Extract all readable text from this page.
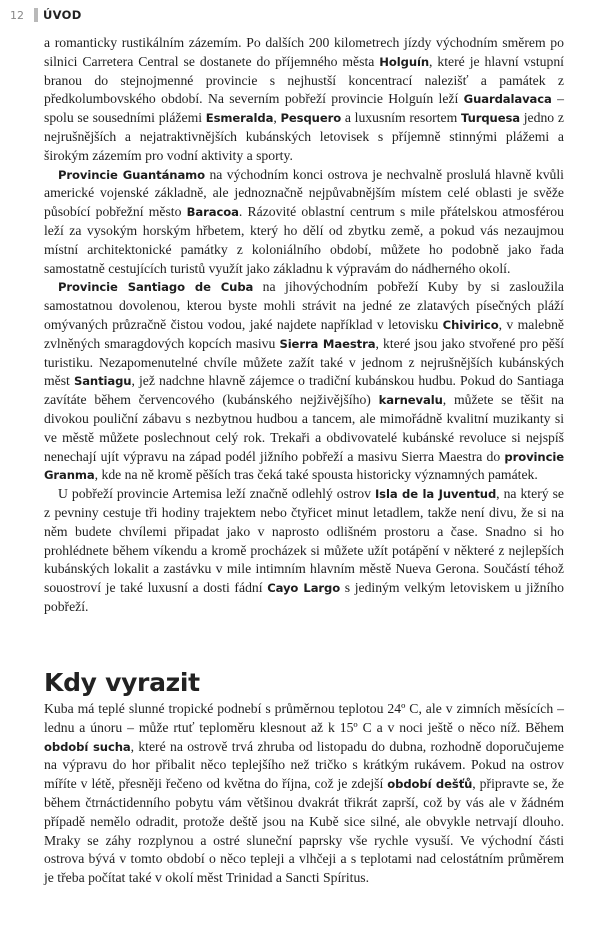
12	ÚVOD

a romanticky rustikálním zázemím. Po dalších 200 kilometrech jízdy východním směrem po silnici Carretera Central se dostanete do příjemného města Holguín, které je hlavní vstupní branou do stejnojmenné provincie s nejhustší koncentrací nalezišť a památek z předkolumbovského období. Na severním pobřeží provincie Holguín leží Guardalavaca – spolu se sousedními plážemi Esmeralda, Pesquero a luxusním resortem Turquesa jedno z nejrušnějších a nejatraktivnějších kubánských letovisek s příjemně stinnými plážemi a širokým zázemím pro vodní aktivity a sporty.

Provincie Guantánamo na východním konci ostrova je nechvalně proslulá hlavně kvůli americké vojenské základně, ale jednoznačně nejpůvabnějším místem celé oblasti je svěže působící pobřežní město Baracoa. Rázovité oblastní centrum s mile přátelskou atmosférou leží za vysokým horským hřbetem, který ho dělí od zbytku země, a pokud vás nezaujmou místní architektonické památky z koloniálního období, můžete ho podobně jako řada samostatně cestujících turistů využít jako základnu k výpravám do nádherného okolí.

Provincie Santiago de Cuba na jihovýchodním pobřeží Kuby by si zasloužila samostatnou dovolenou, kterou byste mohli strávit na jedné ze zlatavých písečných pláží omývaných průzračně čistou vodou, jaké najdete například v letovisku Chivirico, v malebně zvlněných smaragdových kopcích masivu Sierra Maestra, které jsou jako stvořené pro pěší turistiku. Nezapomenutelné chvíle můžete zažít také v jednom z nejrušnějších kubánských měst Santiagu, jež nadchne hlavně zájemce o tradiční kubánskou hudbu. Pokud do Santiaga zavítáte během červencového (kubánského nejživějšího) karnevalu, můžete se těšit na divokou pouliční zábavu s nezbytnou hudbou a tancem, ale mimořádně kvalitní muzikanty si ve městě můžete poslechnout celý rok. Trekaři a obdivovatelé kubánské revoluce si nejspíš nenechají ujít výpravu na západ podél jižního pobřeží a masivu Sierra Maestra do provincie Granma, kde na ně kromě pěších tras čeká také spousta historicky významných památek.

U pobřeží provincie Artemisa leží značně odlehlý ostrov Isla de la Juventud, na který se z pevniny cestuje tři hodiny trajektem nebo čtyřicet minut letadlem, takže není divu, že si na něm budete chvílemi připadat jako v naprosto odlišném prostoru a čase. Snadno si ho prohlédnete během víkendu a kromě procházek si můžete užít potápění v některé z nejlepších kubánských lokalit a zastávku v mile intimním hlavním městě Nueva Gerona. Součástí téhož souostroví je také luxusní a dosti fádní Cayo Largo s jediným velkým letoviskem u jižního pobřeží.

Kdy vyrazit

Kuba má teplé slunné tropické podnebí s průměrnou teplotou 24º C, ale v zimních měsících – lednu a únoru – může rtuť teploměru klesnout až k 15º C a v noci ještě o něco níž. Během období sucha, které na ostrově trvá zhruba od listopadu do dubna, rozhodně doporučujeme na výpravu do hor přibalit něco teplejšího než tričko s krátkým rukávem. Pokud na ostrov míříte v létě, přesněji řečeno od května do října, což je zdejší období dešťů, připravte se, že během čtrnáctidenního pobytu vám většinou dvakrát třikrát zaprší, což by vás ale v žádném případě nemělo odradit, protože deště jsou na Kubě sice silné, ale obvykle netrvají dlouho. Mraky se záhy rozplynou a ostré sluneční paprsky vše rychle vysuší. Ve východní části ostrova bývá v tomto období o něco tepleji a vlhčeji a s teplotami nad celostátním průměrem je třeba počítat také v okolí měst Trinidad a Sancti Spíritus.
